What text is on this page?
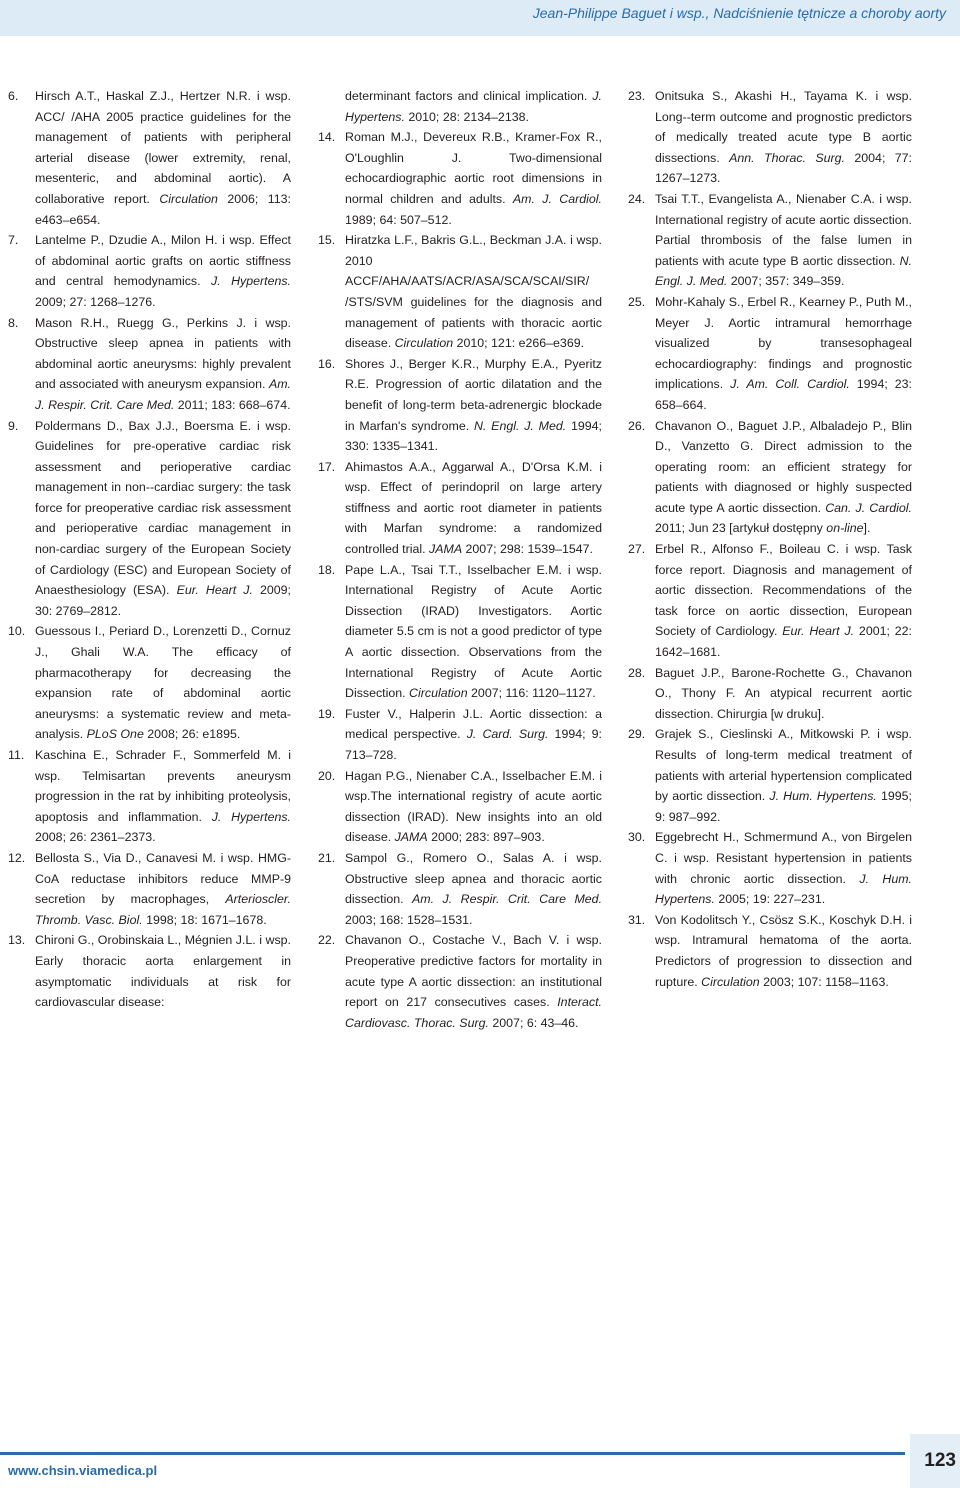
Jean-Philippe Baguet i wsp., Nadciśnienie tętnicze a choroby aorty
6. Hirsch A.T., Haskal Z.J., Hertzer N.R. i wsp. ACC/ /AHA 2005 practice guidelines for the management of patients with peripheral arterial disease (lower extremity, renal, mesenteric, and abdominal aortic). A collaborative report. Circulation 2006; 113: e463–e654.
7. Lantelme P., Dzudie A., Milon H. i wsp. Effect of abdominal aortic grafts on aortic stiffness and central hemodynamics. J. Hypertens. 2009; 27: 1268–1276.
8. Mason R.H., Ruegg G., Perkins J. i wsp. Obstructive sleep apnea in patients with abdominal aortic aneurysms: highly prevalent and associated with aneurysm expansion. Am. J. Respir. Crit. Care Med. 2011; 183: 668–674.
9. Poldermans D., Bax J.J., Boersma E. i wsp. Guidelines for pre-operative cardiac risk assessment and perioperative cardiac management in non--cardiac surgery: the task force for preoperative cardiac risk assessment and perioperative cardiac management in non-cardiac surgery of the European Society of Cardiology (ESC) and European Society of Anaesthesiology (ESA). Eur. Heart J. 2009; 30: 2769–2812.
10. Guessous I., Periard D., Lorenzetti D., Cornuz J., Ghali W.A. The efficacy of pharmacotherapy for decreasing the expansion rate of abdominal aortic aneurysms: a systematic review and meta-analysis. PLoS One 2008; 26: e1895.
11. Kaschina E., Schrader F., Sommerfeld M. i wsp. Telmisartan prevents aneurysm progression in the rat by inhibiting proteolysis, apoptosis and inflammation. J. Hypertens. 2008; 26: 2361–2373.
12. Bellosta S., Via D., Canavesi M. i wsp. HMG-CoA reductase inhibitors reduce MMP-9 secretion by macrophages, Arterioscler. Thromb. Vasc. Biol. 1998; 18: 1671–1678.
13. Chironi G., Orobinskaia L., Mégnien J.L. i wsp. Early thoracic aorta enlargement in asymptomatic individuals at risk for cardiovascular disease:
determinant factors and clinical implication. J. Hypertens. 2010; 28: 2134–2138.
14. Roman M.J., Devereux R.B., Kramer-Fox R., O'Loughlin J. Two-dimensional echocardiographic aortic root dimensions in normal children and adults. Am. J. Cardiol. 1989; 64: 507–512.
15. Hiratzka L.F., Bakris G.L., Beckman J.A. i wsp. 2010 ACCF/AHA/AATS/ACR/ASA/SCA/SCAI/SIR/ /STS/SVM guidelines for the diagnosis and management of patients with thoracic aortic disease. Circulation 2010; 121: e266–e369.
16. Shores J., Berger K.R., Murphy E.A., Pyeritz R.E. Progression of aortic dilatation and the benefit of long-term beta-adrenergic blockade in Marfan's syndrome. N. Engl. J. Med. 1994; 330: 1335–1341.
17. Ahimastos A.A., Aggarwal A., D'Orsa K.M. i wsp. Effect of perindopril on large artery stiffness and aortic root diameter in patients with Marfan syndrome: a randomized controlled trial. JAMA 2007; 298: 1539–1547.
18. Pape L.A., Tsai T.T., Isselbacher E.M. i wsp. International Registry of Acute Aortic Dissection (IRAD) Investigators. Aortic diameter 5.5 cm is not a good predictor of type A aortic dissection. Observations from the International Registry of Acute Aortic Dissection. Circulation 2007; 116: 1120–1127.
19. Fuster V., Halperin J.L. Aortic dissection: a medical perspective. J. Card. Surg. 1994; 9: 713–728.
20. Hagan P.G., Nienaber C.A., Isselbacher E.M. i wsp.The international registry of acute aortic dissection (IRAD). New insights into an old disease. JAMA 2000; 283: 897–903.
21. Sampol G., Romero O., Salas A. i wsp. Obstructive sleep apnea and thoracic aortic dissection. Am. J. Respir. Crit. Care Med. 2003; 168: 1528–1531.
22. Chavanon O., Costache V., Bach V. i wsp. Preoperative predictive factors for mortality in acute type A aortic dissection: an institutional report on 217 consecutives cases. Interact. Cardiovasc. Thorac. Surg. 2007; 6: 43–46.
23. Onitsuka S., Akashi H., Tayama K. i wsp. Long--term outcome and prognostic predictors of medically treated acute type B aortic dissections. Ann. Thorac. Surg. 2004; 77: 1267–1273.
24. Tsai T.T., Evangelista A., Nienaber C.A. i wsp. International registry of acute aortic dissection. Partial thrombosis of the false lumen in patients with acute type B aortic dissection. N. Engl. J. Med. 2007; 357: 349–359.
25. Mohr-Kahaly S., Erbel R., Kearney P., Puth M., Meyer J. Aortic intramural hemorrhage visualized by transesophageal echocardiography: findings and prognostic implications. J. Am. Coll. Cardiol. 1994; 23: 658–664.
26. Chavanon O., Baguet J.P., Albaladejo P., Blin D., Vanzetto G. Direct admission to the operating room: an efficient strategy for patients with diagnosed or highly suspected acute type A aortic dissection. Can. J. Cardiol. 2011; Jun 23 [artykuł dostępny on-line].
27. Erbel R., Alfonso F., Boileau C. i wsp. Task force report. Diagnosis and management of aortic dissection. Recommendations of the task force on aortic dissection, European Society of Cardiology. Eur. Heart J. 2001; 22: 1642–1681.
28. Baguet J.P., Barone-Rochette G., Chavanon O., Thony F. An atypical recurrent aortic dissection. Chirurgia [w druku].
29. Grajek S., Cieslinski A., Mitkowski P. i wsp. Results of long-term medical treatment of patients with arterial hypertension complicated by aortic dissection. J. Hum. Hypertens. 1995; 9: 987–992.
30. Eggebrecht H., Schmermund A., von Birgelen C. i wsp. Resistant hypertension in patients with chronic aortic dissection. J. Hum. Hypertens. 2005; 19: 227–231.
31. Von Kodolitsch Y., Csösz S.K., Koschyk D.H. i wsp. Intramural hematoma of the aorta. Predictors of progression to dissection and rupture. Circulation 2003; 107: 1158–1163.
www.chsin.viamedica.pl	123
